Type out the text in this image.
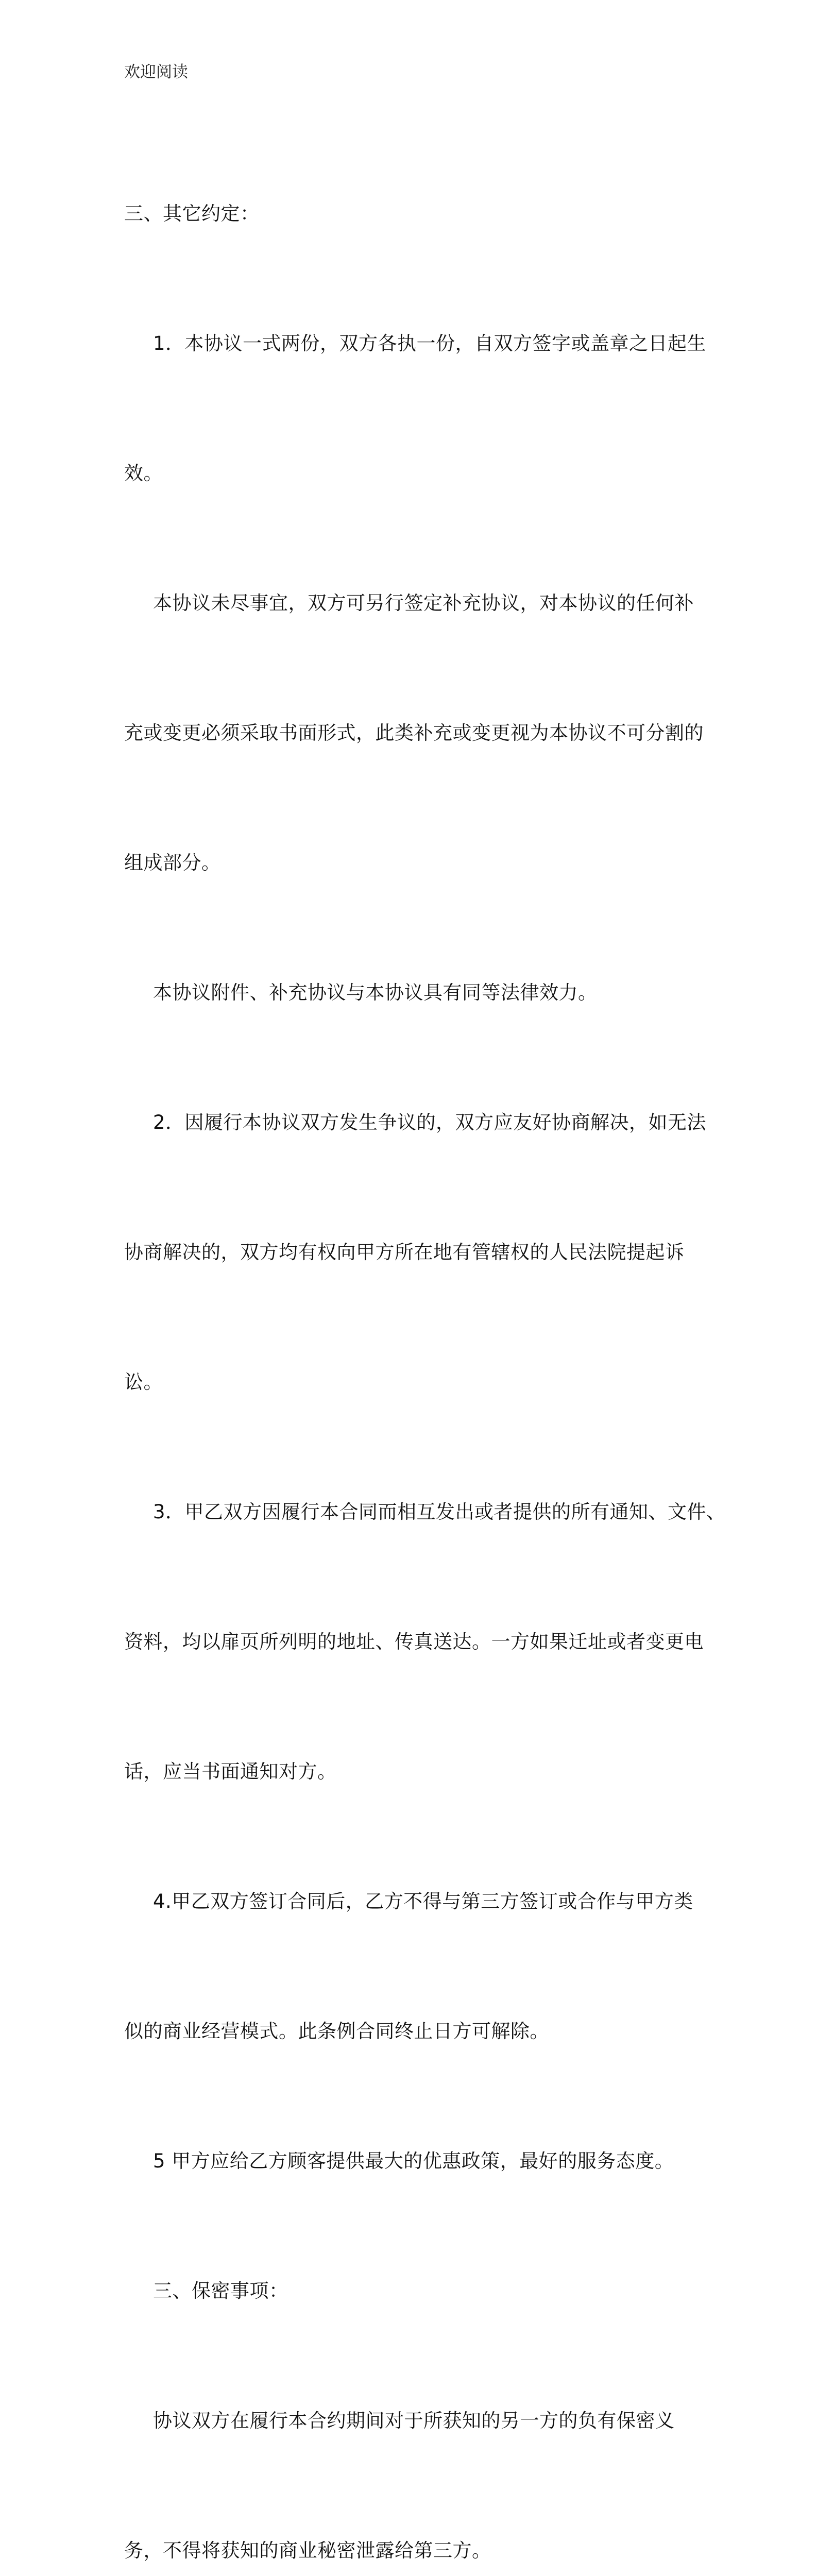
欢迎阅读

三、其它约定：

1．本协议一式两份，双方各执一份，自双方签字或盖章之日起生

效。

本协议未尽事宜，双方可另行签定补充协议，对本协议的任何补

充或变更必须采取书面形式，此类补充或变更视为本协议不可分割的

组成部分。

本协议附件、补充协议与本协议具有同等法律效力。

2．因履行本协议双方发生争议的，双方应友好协商解决，如无法

协商解决的，双方均有权向甲方所在地有管辖权的人民法院提起诉

讼。

3．甲乙双方因履行本合同而相互发出或者提供的所有通知、文件、

资料，均以扉页所列明的地址、传真送达。一方如果迁址或者变更电

话，应当书面通知对方。

4.甲乙双方签订合同后，乙方不得与第三方签订或合作与甲方类

似的商业经营模式。此条例合同终止日方可解除。

5 甲方应给乙方顾客提供最大的优惠政策，最好的服务态度。

三、保密事项：

协议双方在履行本合约期间对于所获知的另一方的负有保密义

务，不得将获知的商业秘密泄露给第三方。
